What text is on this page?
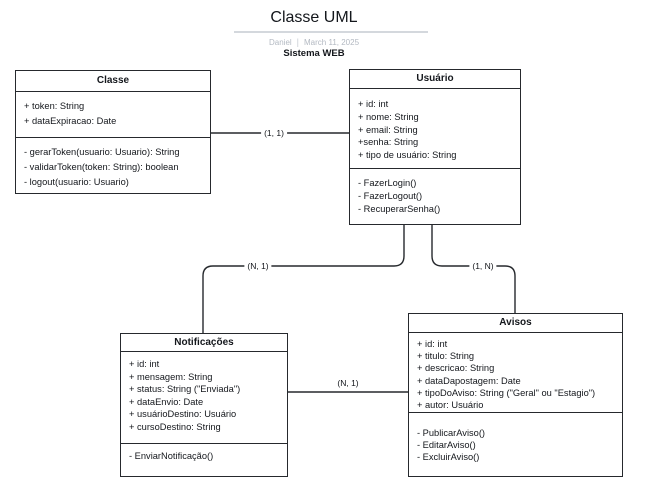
Classe UML
Daniel | March 11, 2025
Sistema WEB
(1, 1)
(N, 1)	(1, N)
(N, 1)
Classe
+ token: String
+ dataExpiracao: Date
- gerarToken(usuario: Usuario): String
- validarToken(token: String): boolean
- logout(usuario: Usuario)
Usuário
+ id: int
+ nome: String
+ email: String
+senha: String
+ tipo de usuário: String
- FazerLogin()
- FazerLogout()
- RecuperarSenha()
Notificações
+ id: int
+ mensagem: String
+ status: String ("Enviada")
+ dataEnvio: Date
+ usuárioDestino: Usuário
+ cursoDestino: String
- EnviarNotificação()
Avisos
+ id: int
+ titulo: String
+ descricao: String
+ dataDapostagem: Date
+ tipoDoAviso: String ("Geral" ou "Estagio")
+ autor: Usuário
- PublicarAviso()
- EditarAviso()
- ExcluirAviso()
